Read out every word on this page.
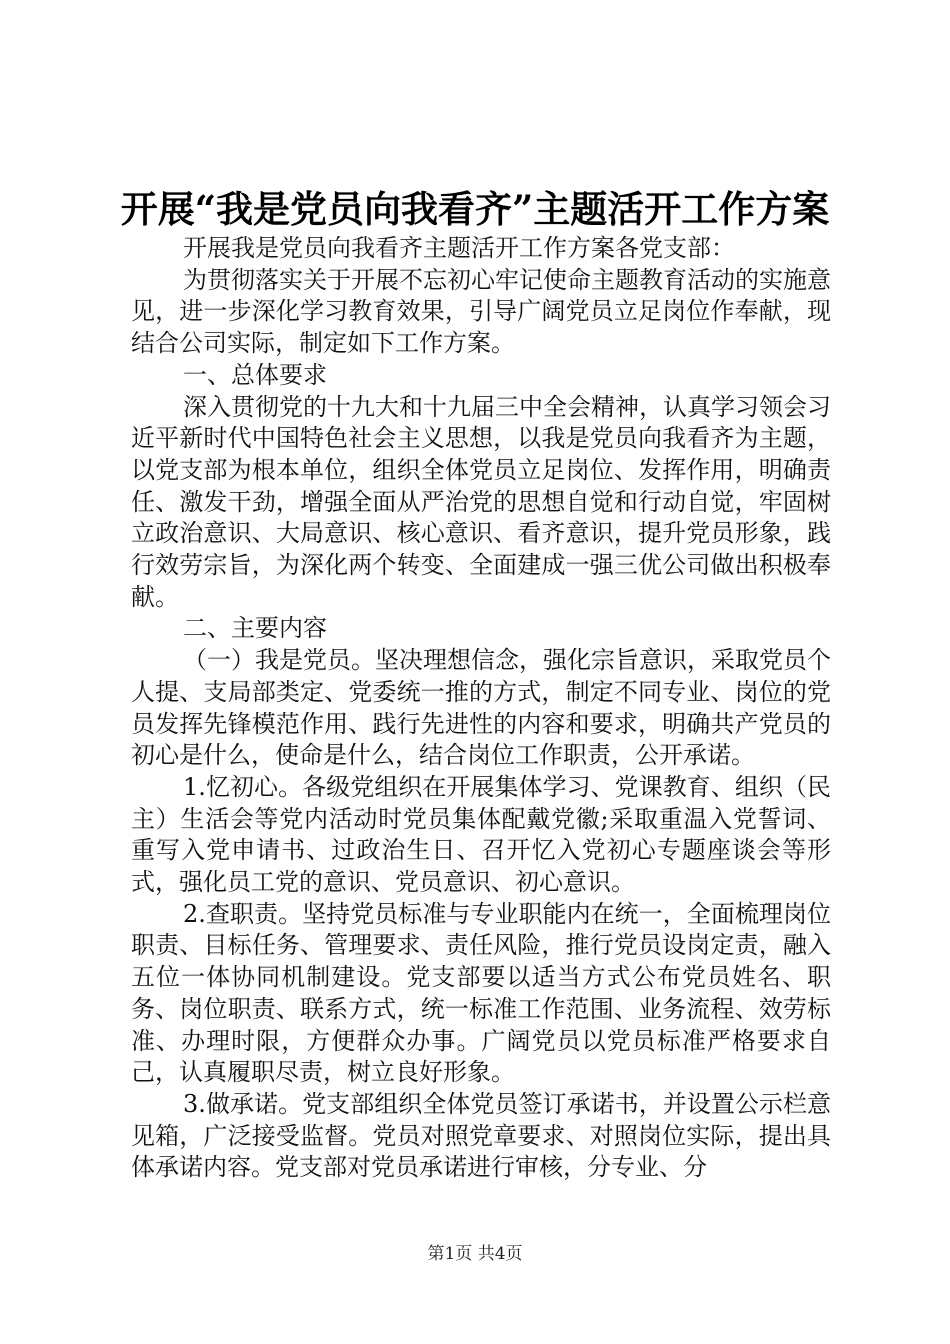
开展“我是党员向我看齐”主题活开工作方案

开展我是党员向我看齐主题活开工作方案各党支部：

为贯彻落实关于开展不忘初心牢记使命主题教育活动的实施意见，进一步深化学习教育效果，引导广阔党员立足岗位作奉献，现结合公司实际，制定如下工作方案。

一、总体要求

深入贯彻党的十九大和十九届三中全会精神，认真学习领会习近平新时代中国特色社会主义思想，以我是党员向我看齐为主题，以党支部为根本单位，组织全体党员立足岗位、发挥作用，明确责任、激发干劲，增强全面从严治党的思想自觉和行动自觉，牢固树立政治意识、大局意识、核心意识、看齐意识，提升党员形象，践行效劳宗旨，为深化两个转变、全面建成一强三优公司做出积极奉献。

二、主要内容

（一）我是党员。坚决理想信念，强化宗旨意识，采取党员个人提、支局部类定、党委统一推的方式，制定不同专业、岗位的党员发挥先锋模范作用、践行先进性的内容和要求，明确共产党员的初心是什么，使命是什么，结合岗位工作职责，公开承诺。

1.忆初心。各级党组织在开展集体学习、党课教育、组织（民主）生活会等党内活动时党员集体配戴党徽;采取重温入党誓词、重写入党申请书、过政治生日、召开忆入党初心专题座谈会等形式，强化员工党的意识、党员意识、初心意识。

2.查职责。坚持党员标准与专业职能内在统一，全面梳理岗位职责、目标任务、管理要求、责任风险，推行党员设岗定责，融入五位一体协同机制建设。党支部要以适当方式公布党员姓名、职务、岗位职责、联系方式，统一标准工作范围、业务流程、效劳标准、办理时限，方便群众办事。广阔党员以党员标准严格要求自己，认真履职尽责，树立良好形象。

3.做承诺。党支部组织全体党员签订承诺书，并设置公示栏意见箱，广泛接受监督。党员对照党章要求、对照岗位实际，提出具体承诺内容。党支部对党员承诺进行审核，分专业、分

第1页 共4页
